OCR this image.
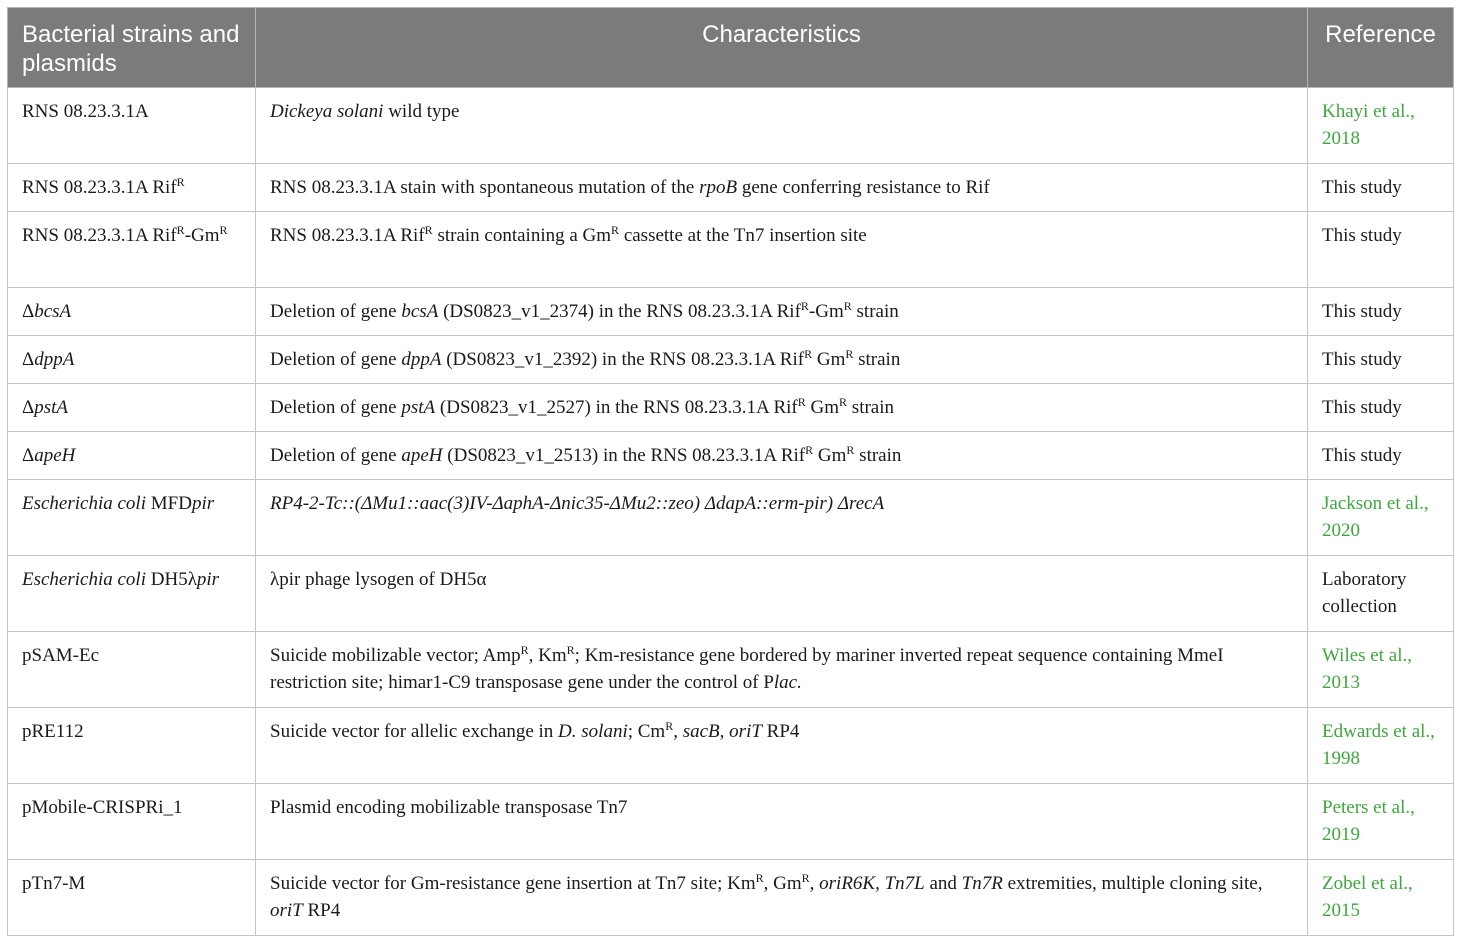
Bacterial strains and plasmids	Characteristics	Reference
RNS 08.23.3.1A	Dickeya solani wild type	Khayi et al., 2018
RNS 08.23.3.1A Rif$^R$	RNS 08.23.3.1A stain with spontaneous mutation of the rpoB gene conferring resistance to Rif	This study
RNS 08.23.3.1A $Rif^R-Gm^R$	RNS 08.23.3.1A Rif$^R$ strain containing a $Gm^R$ cassette at the Tn7 insertion site	This study
ΔbcsA	Deletion of gene bcsA (DS0823_v1_2374) in the RNS 08.23.3.1A $Rif^R-Gm^R$ strain	This study
ΔdppA	Deletion of gene dppA (DS0823_v1_2392) in the RNS 08.23.3.1A Rif$^R$ $Gm^R$ strain	This study
ΔpstA	Deletion of gene pstA (DS0823_v1_2527) in the RNS 08.23.3.1A Rif$^R$ $Gm^R$ strain	This study
ΔapeH	Deletion of gene apeH (DS0823_v1_2513) in the RNS 08.23.3.1A Rif$^R$ $Gm^R$ strain	This study
Escherichia coli MFDpir	RP4-2-Tc::(ΔMu1::aac(3)IV-ΔaphA-Δnic35-ΔMu2::zeo) ΔdapA::erm-pir) ΔrecA	Jackson et al., 2020
Escherichia coli DH5λpir	λpir phage lysogen of DH5α	Laboratory collection
pSAM-Ec	Suicide mobilizable vector; Amp$^R$, $Km^R$; Km-resistance gene bordered by mariner inverted repeat sequence containing MmeI restriction site; himar1-C9 transposase gene under the control of Plac.	Wiles et al., 2013
pRE112	Suicide vector for allelic exchange in D. solani; $Cm^R$, sacB, oriT RP4	Edwards et al., 1998
pMobile-CRISPRi_1	Plasmid encoding mobilizable transposase Tn7	Peters et al., 2019
pTn7-M	Suicide vector for Gm-resistance gene insertion at Tn7 site; $Km^R$, $Gm^R$, oriR6K, Tn7L and Tn7R extremities, multiple cloning site, oriT RP4	Zobel et al., 2015
